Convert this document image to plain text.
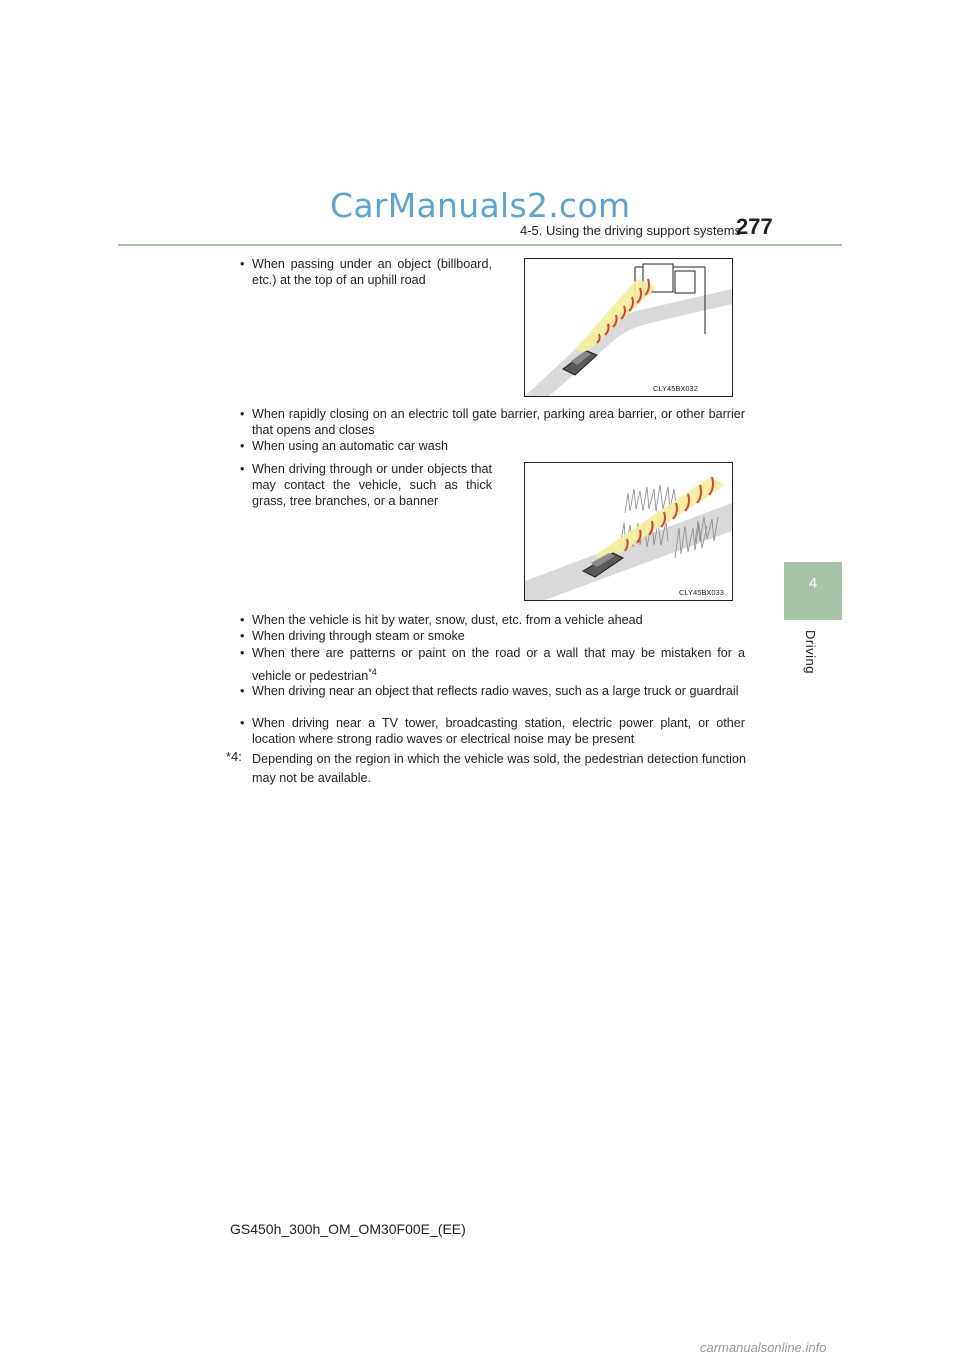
CarManuals2.com
4-5. Using the driving support systems
277
4
Driving
• When passing under an object (billboard, etc.) at the top of an uphill road
CLY45BX032
• When rapidly closing on an electric toll gate barrier, parking area barrier, or other barrier that opens and closes
• When using an automatic car wash
• When driving through or under objects that may contact the vehicle, such as thick grass, tree branches, or a banner
CLY45BX033
• When the vehicle is hit by water, snow, dust, etc. from a vehicle ahead
• When driving through steam or smoke
• When there are patterns or paint on the road or a wall that may be mistaken for a vehicle or pedestrian$^{*4}$
• When driving near an object that reflects radio waves, such as a large truck or guardrail
• When driving near a TV tower, broadcasting station, electric power plant, or other location where strong radio waves or electrical noise may be present
*4: Depending on the region in which the vehicle was sold, the pedestrian detection function may not be available.
GS450h_300h_OM_OM30F00E_(EE)
carmanualsonline.info
